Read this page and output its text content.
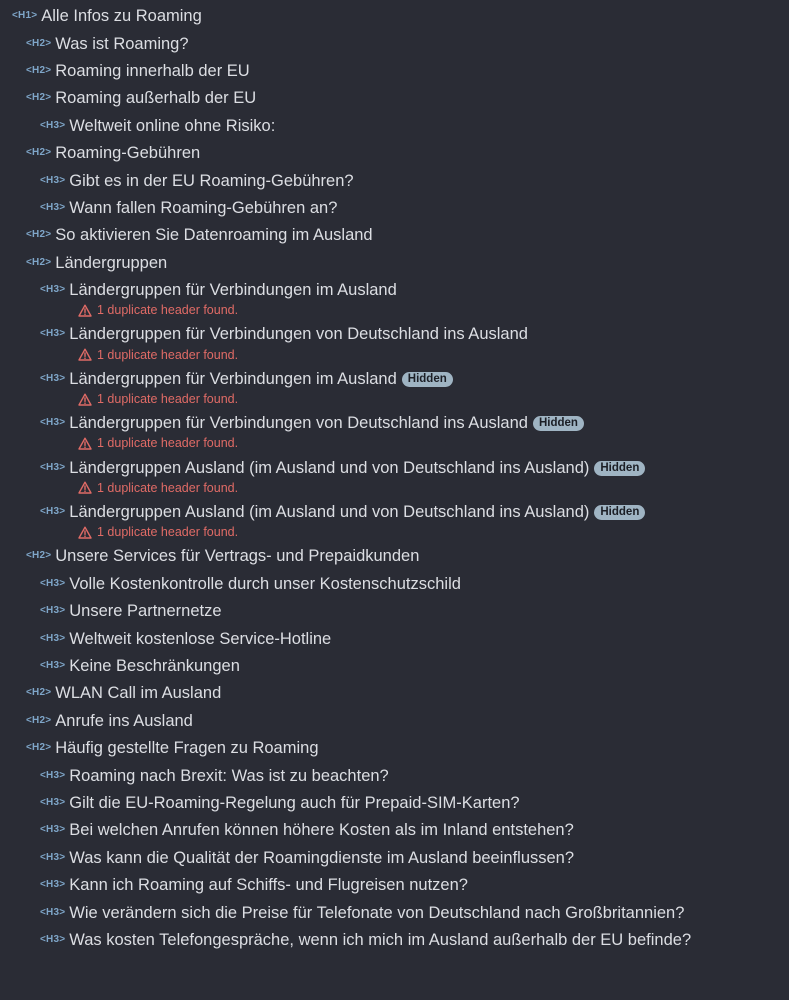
<H1> Alle Infos zu Roaming
<H2> Was ist Roaming?
<H2> Roaming innerhalb der EU
<H2> Roaming außerhalb der EU
<H3> Weltweit online ohne Risiko:
<H2> Roaming-Gebühren
<H3> Gibt es in der EU Roaming-Gebühren?
<H3> Wann fallen Roaming-Gebühren an?
<H2> So aktivieren Sie Datenroaming im Ausland
<H2> Ländergruppen
<H3> Ländergruppen für Verbindungen im Ausland
1 duplicate header found.
<H3> Ländergruppen für Verbindungen von Deutschland ins Ausland
1 duplicate header found.
<H3> Ländergruppen für Verbindungen im Ausland Hidden
1 duplicate header found.
<H3> Ländergruppen für Verbindungen von Deutschland ins Ausland Hidden
1 duplicate header found.
<H3> Ländergruppen Ausland (im Ausland und von Deutschland ins Ausland) Hidden
1 duplicate header found.
<H3> Ländergruppen Ausland (im Ausland und von Deutschland ins Ausland) Hidden
1 duplicate header found.
<H2> Unsere Services für Vertrags- und Prepaidkunden
<H3> Volle Kostenkontrolle durch unser Kostenschutzschild
<H3> Unsere Partnernetze
<H3> Weltweit kostenlose Service-Hotline
<H3> Keine Beschränkungen
<H2> WLAN Call im Ausland
<H2> Anrufe ins Ausland
<H2> Häufig gestellte Fragen zu Roaming
<H3> Roaming nach Brexit: Was ist zu beachten?
<H3> Gilt die EU-Roaming-Regelung auch für Prepaid-SIM-Karten?
<H3> Bei welchen Anrufen können höhere Kosten als im Inland entstehen?
<H3> Was kann die Qualität der Roamingdienste im Ausland beeinflussen?
<H3> Kann ich Roaming auf Schiffs- und Flugreisen nutzen?
<H3> Wie verändern sich die Preise für Telefonate von Deutschland nach Großbritannien?
<H3> Was kosten Telefongespräche, wenn ich mich im Ausland außerhalb der EU befinde?
